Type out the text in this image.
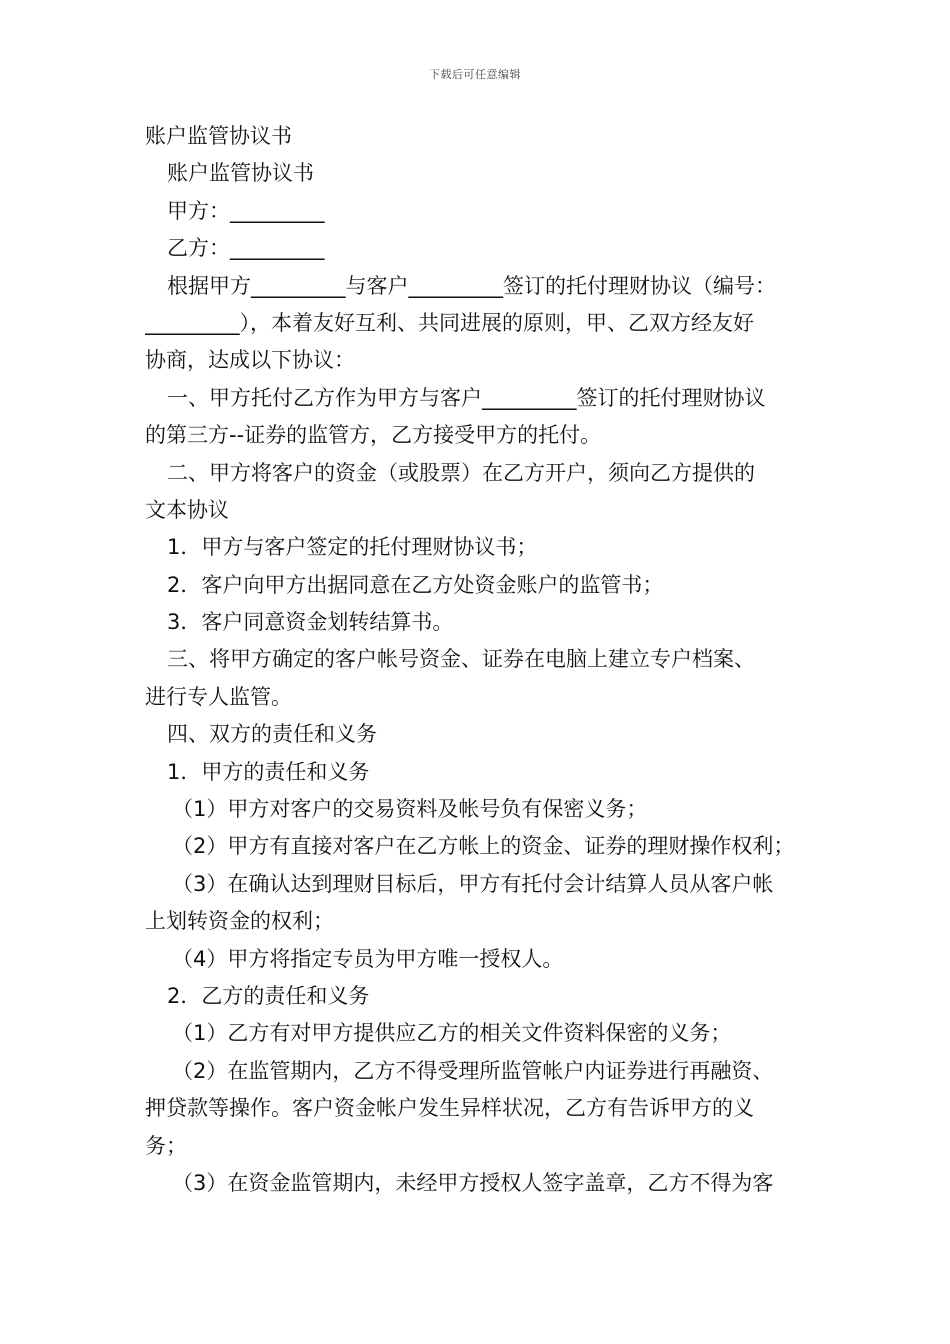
下载后可任意编辑
账户监管协议书
账户监管协议书
甲方：_________
乙方：_________
根据甲方_________与客户_________签订的托付理财协议（编号：
_________），本着友好互利、共同进展的原则，甲、乙双方经友好
协商，达成以下协议：
一、甲方托付乙方作为甲方与客户_________签订的托付理财协议
的第三方--证券的监管方，乙方接受甲方的托付。
二、甲方将客户的资金（或股票）在乙方开户，须向乙方提供的
文本协议
1．甲方与客户签定的托付理财协议书；
2．客户向甲方出据同意在乙方处资金账户的监管书；
3．客户同意资金划转结算书。
三、将甲方确定的客户帐号资金、证券在电脑上建立专户档案、
进行专人监管。
四、双方的责任和义务
1．甲方的责任和义务
（1）甲方对客户的交易资料及帐号负有保密义务；
（2）甲方有直接对客户在乙方帐上的资金、证券的理财操作权利；
（3）在确认达到理财目标后，甲方有托付会计结算人员从客户帐
上划转资金的权利；
（4）甲方将指定专员为甲方唯一授权人。
2．乙方的责任和义务
（1）乙方有对甲方提供应乙方的相关文件资料保密的义务；
（2）在监管期内，乙方不得受理所监管帐户内证券进行再融资、
押贷款等操作。客户资金帐户发生异样状况，乙方有告诉甲方的义
务；
（3）在资金监管期内，未经甲方授权人签字盖章，乙方不得为客
